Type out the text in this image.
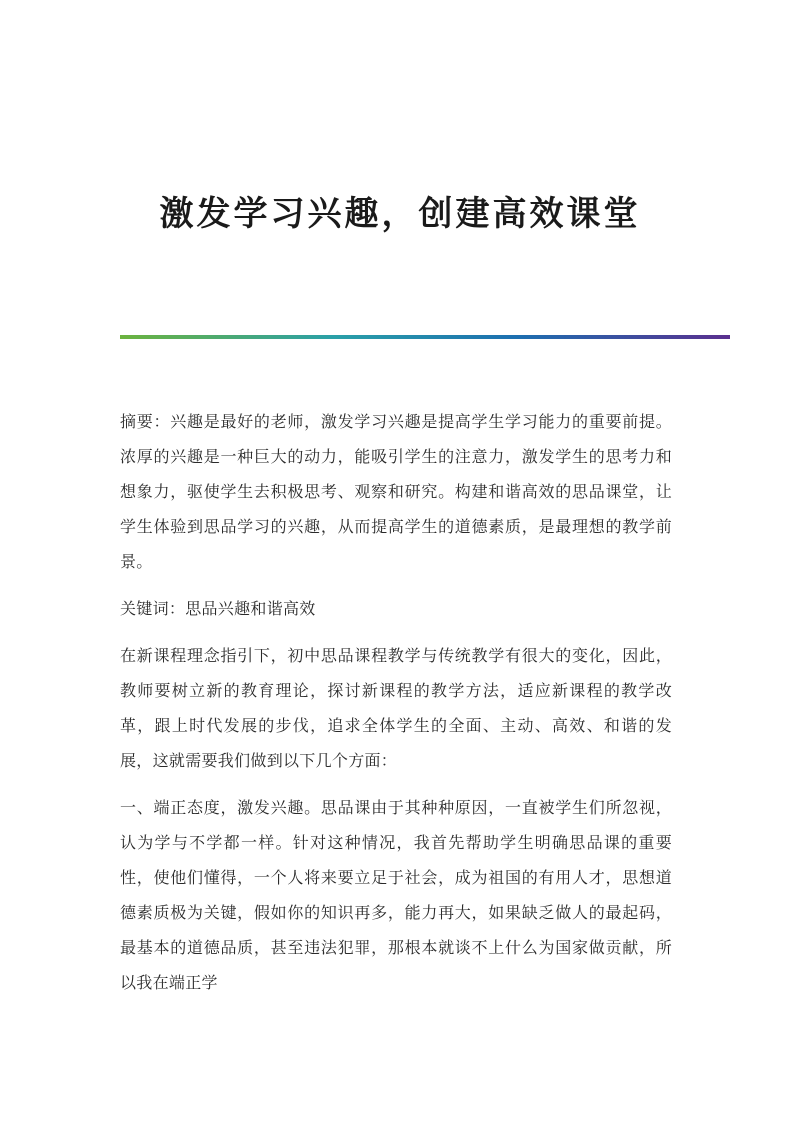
激发学习兴趣，创建高效课堂

摘要：兴趣是最好的老师，激发学习兴趣是提高学生学习能力的重要前提。浓厚的兴趣是一种巨大的动力，能吸引学生的注意力，激发学生的思考力和想象力，驱使学生去积极思考、观察和研究。构建和谐高效的思品课堂，让学生体验到思品学习的兴趣，从而提高学生的道德素质，是最理想的教学前景。

关键词：思品兴趣和谐高效

在新课程理念指引下，初中思品课程教学与传统教学有很大的变化，因此，教师要树立新的教育理论，探讨新课程的教学方法，适应新课程的教学改革，跟上时代发展的步伐，追求全体学生的全面、主动、高效、和谐的发展，这就需要我们做到以下几个方面：

一、端正态度，激发兴趣。思品课由于其种种原因，一直被学生们所忽视，认为学与不学都一样。针对这种情况，我首先帮助学生明确思品课的重要性，使他们懂得，一个人将来要立足于社会，成为祖国的有用人才，思想道德素质极为关键，假如你的知识再多，能力再大，如果缺乏做人的最起码，最基本的道德品质，甚至违法犯罪，那根本就谈不上什么为国家做贡献，所以我在端正学
